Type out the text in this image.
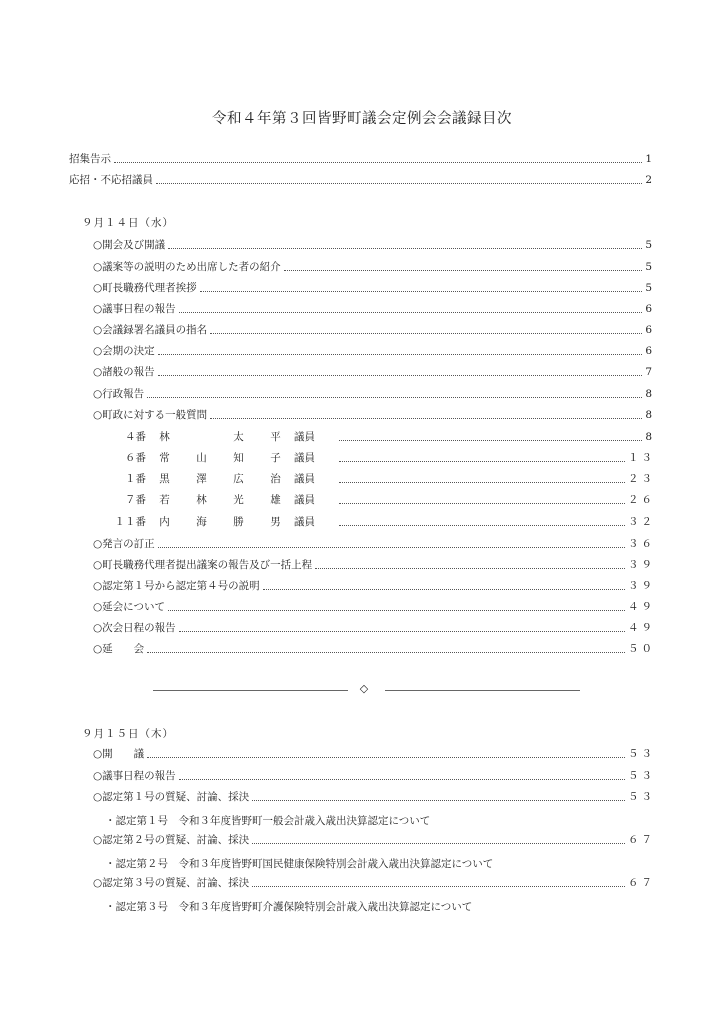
令和４年第３回皆野町議会定例会会議録目次
招集告示	1
応招・不応招議員	2
９月１４日（水）
○開会及び開議	5
○議案等の説明のため出席した者の紹介	5
○町長職務代理者挨拶	5
○議事日程の報告	6
○会議録署名議員の指名	6
○会期の決定	6
○諸般の報告	7
○行政報告	8
○町政に対する一般質問	8
４番	林	太	平	議員	8
６番	常	山	知	子	議員	１３
１番	黒	澤	広	治	議員	２３
７番	若	林	光	雄	議員	２６
１１番	内	海	勝	男	議員	３２
○発言の訂正	３６
○町長職務代理者提出議案の報告及び一括上程	３９
○認定第１号から認定第４号の説明	３９
○延会について	４９
○次会日程の報告	４９
○延　　会	５０
◇
９月１５日（木）
○開　　議	５３
○議事日程の報告	５３
○認定第１号の質疑、討論、採決	５３
・認定第１号　令和３年度皆野町一般会計歳入歳出決算認定について
○認定第２号の質疑、討論、採決	６７
・認定第２号　令和３年度皆野町国民健康保険特別会計歳入歳出決算認定について
○認定第３号の質疑、討論、採決	６７
・認定第３号　令和３年度皆野町介護保険特別会計歳入歳出決算認定について
